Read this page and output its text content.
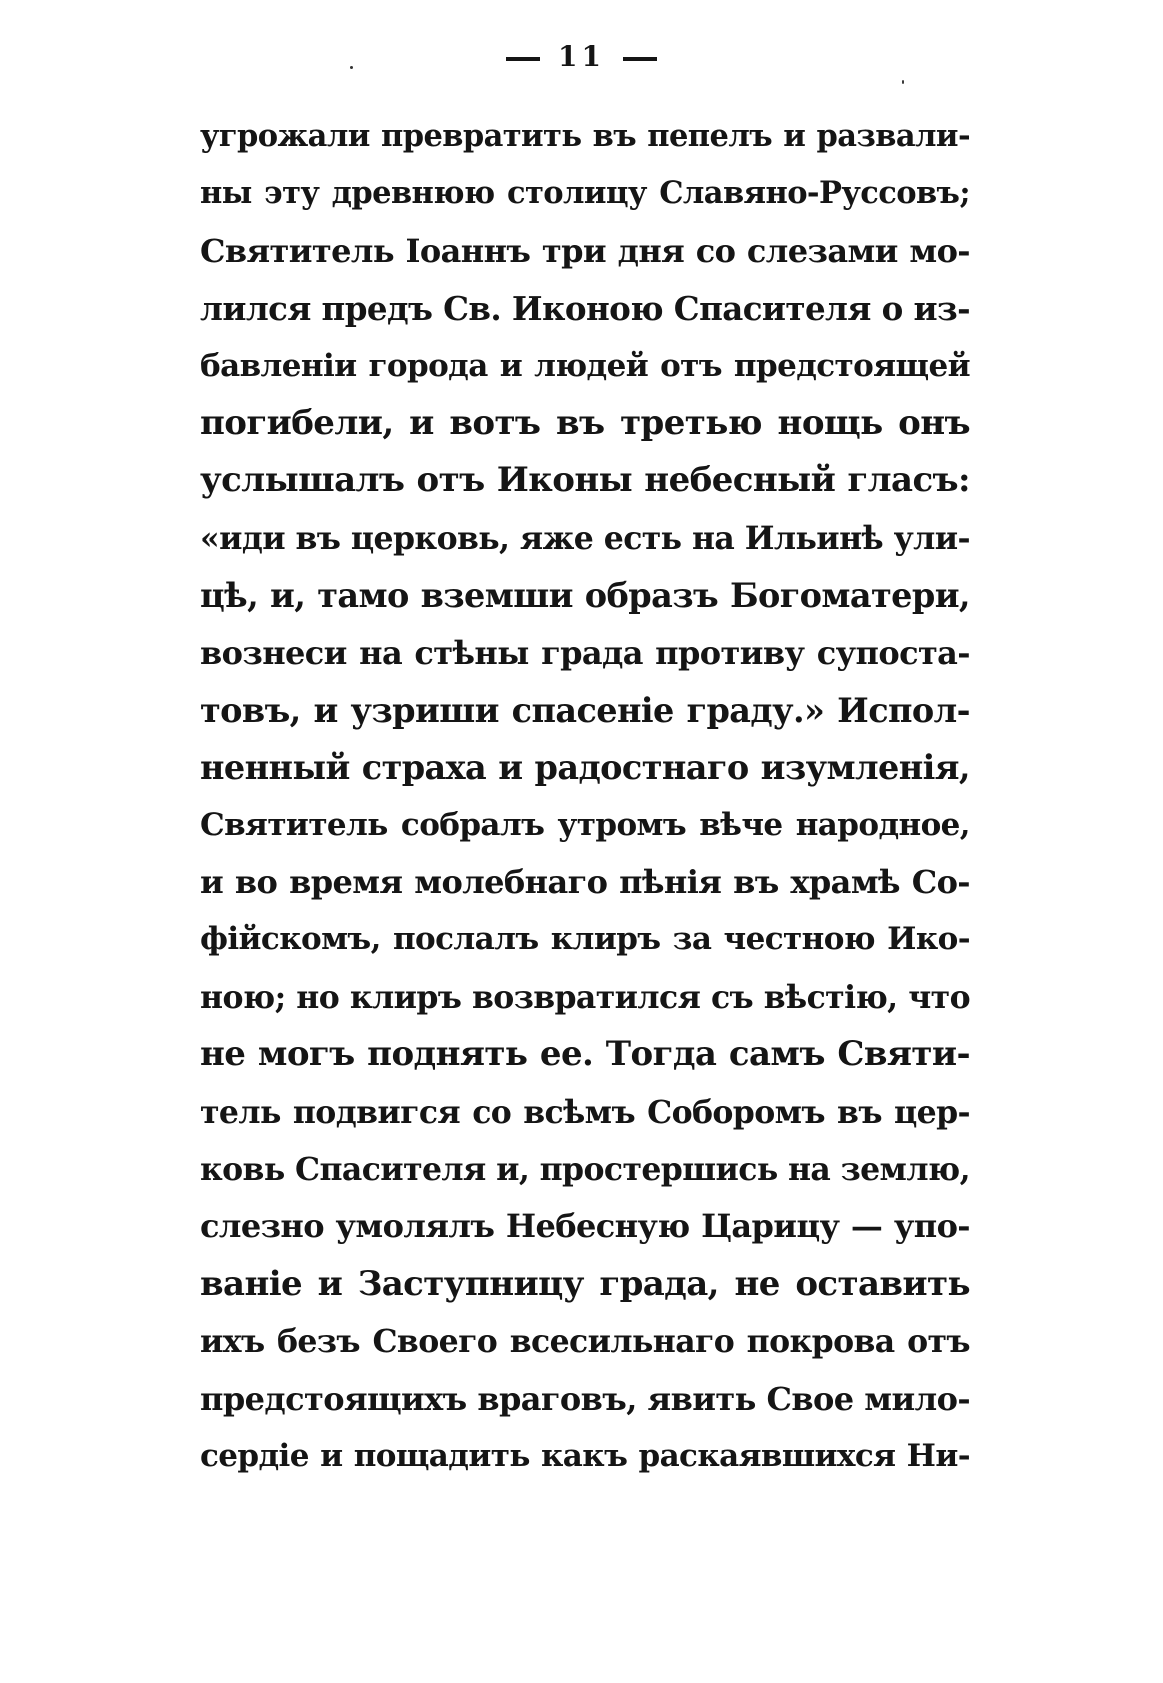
11
угрожали превратить въ пепелъ и развали-
ны эту древнюю столицу Славяно-Руссовъ;
Святитель Іоаннъ три дня со слезами мо-
лился предъ Св. Иконою Спасителя о из-
бавленіи города и людей отъ предстоящей
погибели, и вотъ въ третью нощь онъ
услышалъ отъ Иконы небесный гласъ:
«иди въ церковь, яже есть на Ильинѣ ули-
цѣ, и, тамо вземши образъ Богоматери,
вознеси на стѣны града противу супоста-
товъ, и узриши спасеніе граду.» Испол-
ненный страха и радостнаго изумленія,
Святитель собралъ утромъ вѣче народное,
и во время молебнаго пѣнія въ храмѣ Со-
фійскомъ, послалъ клиръ за честною Ико-
ною; но клиръ возвратился съ вѣстію, что
не могъ поднять ее. Тогда самъ Святи-
тель подвигся со всѣмъ Соборомъ въ цер-
ковь Спасителя и, простершись на землю,
слезно умолялъ Небесную Царицу — упо-
ваніе и Заступницу града, не оставить
ихъ безъ Своего всесильнаго покрова отъ
предстоящихъ враговъ, явить Свое мило-
сердіе и пощадить какъ раскаявшихся Ни-
